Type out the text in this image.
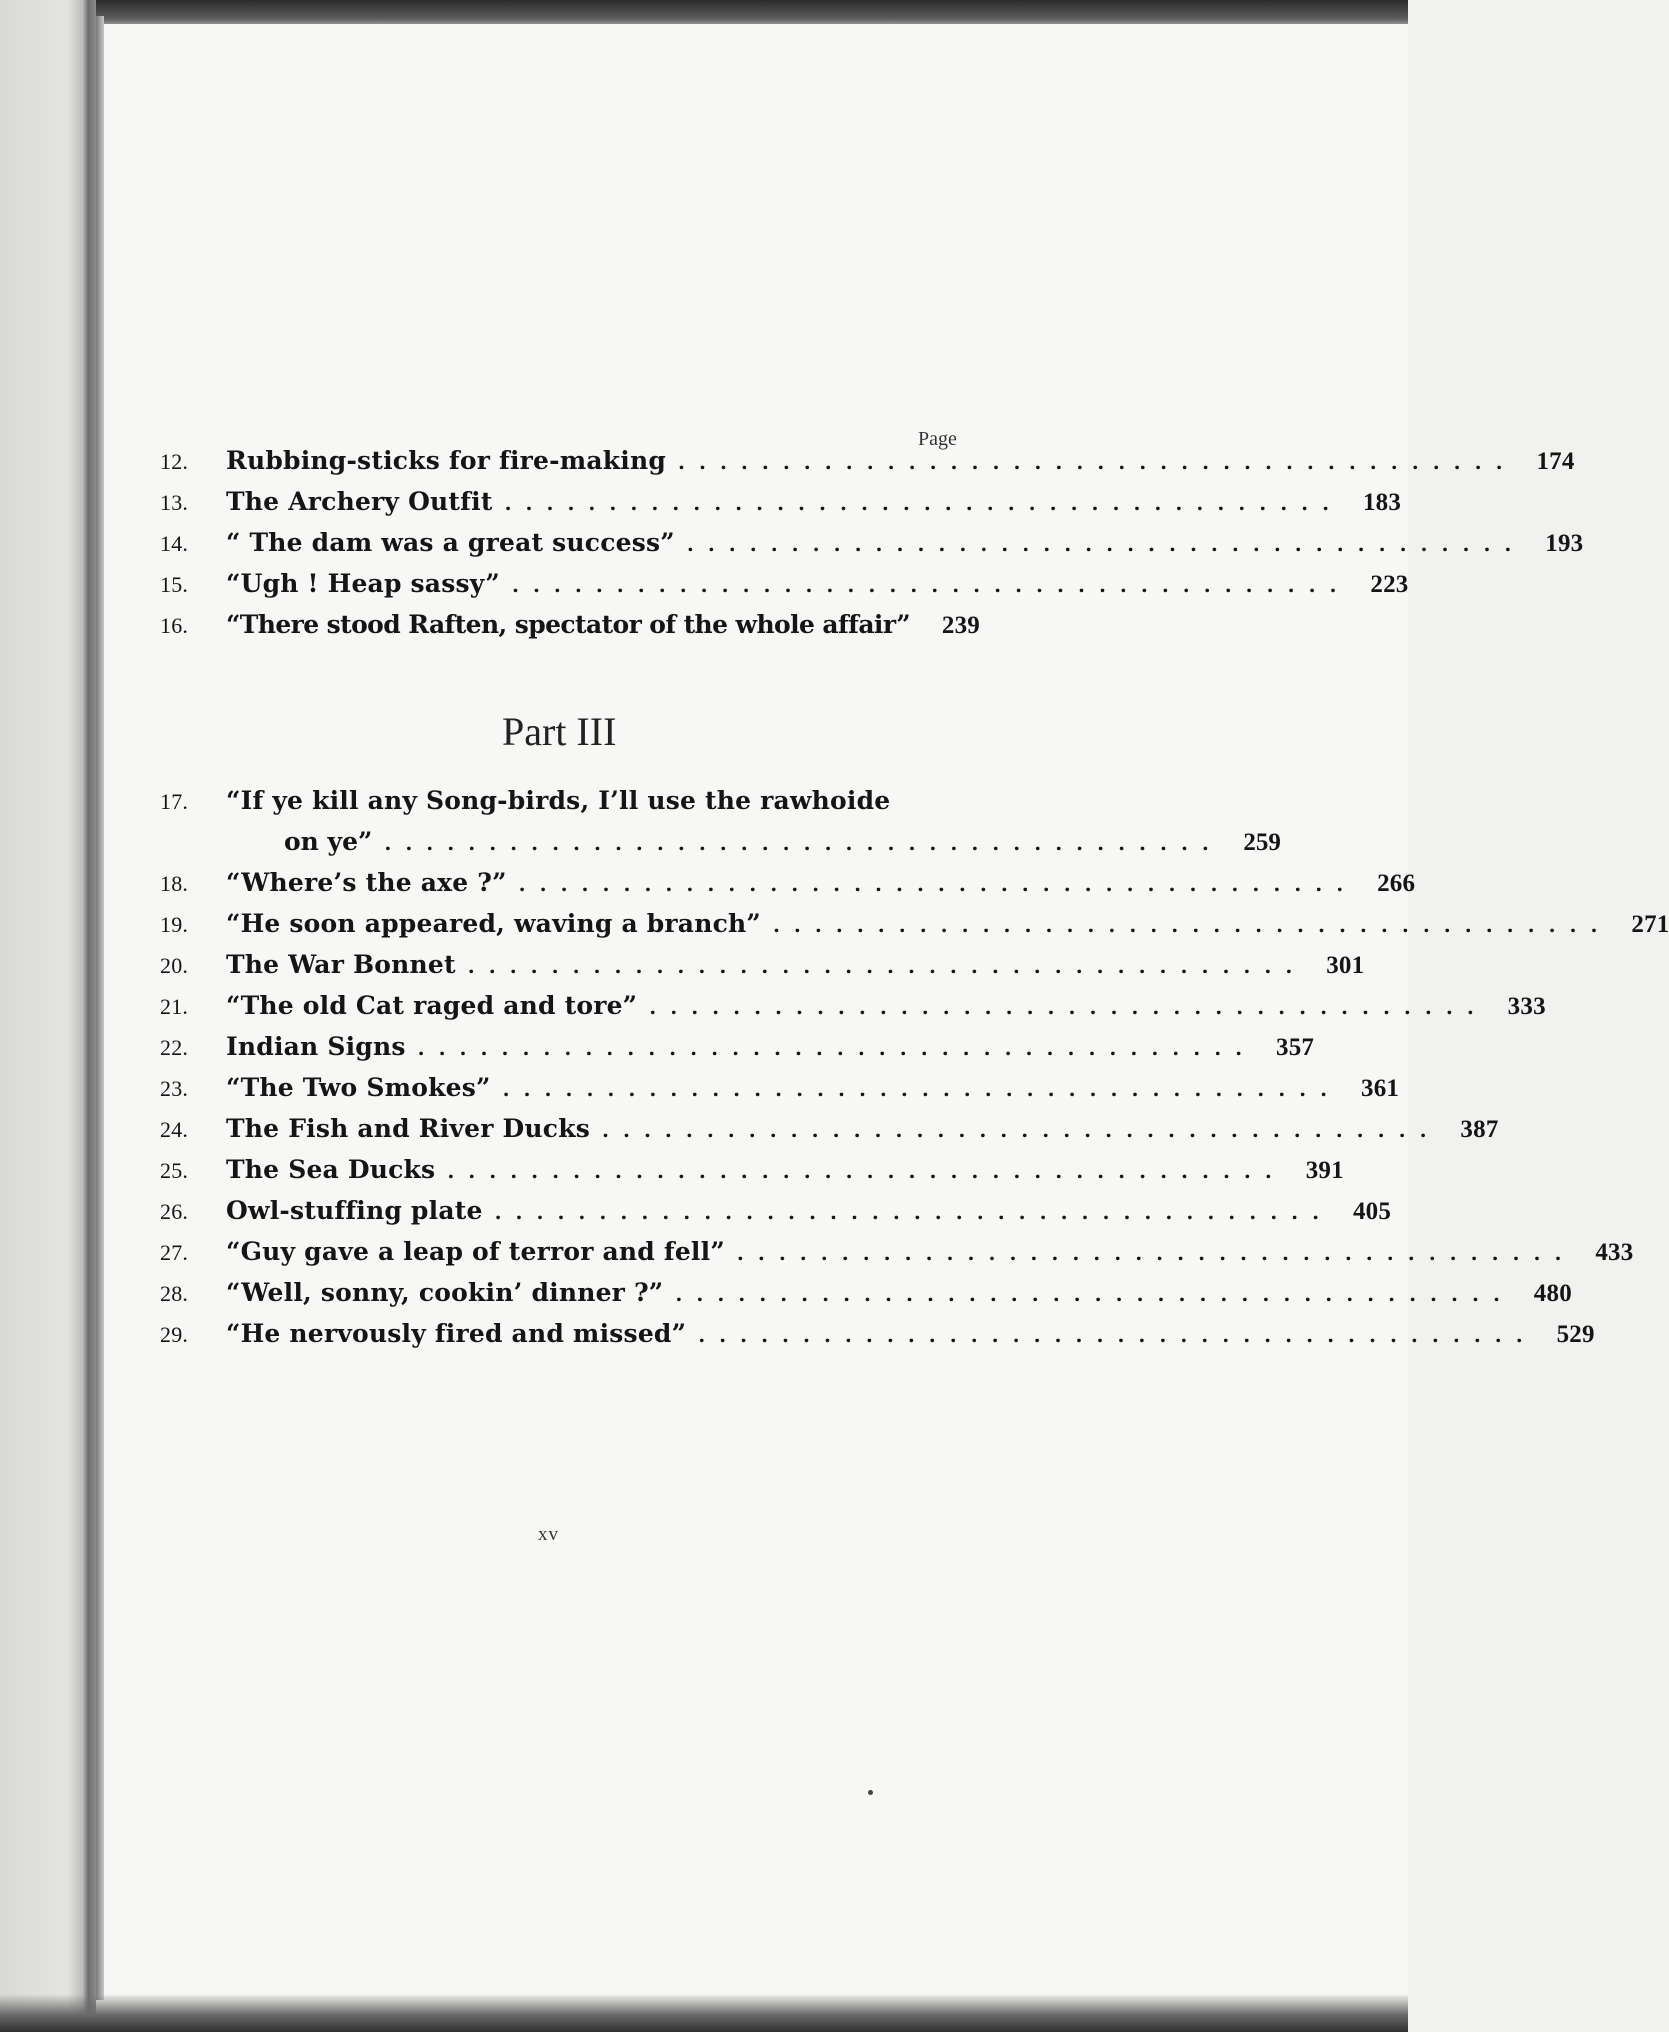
Page
12.	Rubbing-sticks for fire-making ........................................ 174
13.	The Archery Outfit ........................................ 183
14.	“ The dam was a great success” ........................................ 193
15.	“Ugh ! Heap sassy” ........................................ 223
16.	“There stood Raften, spectator of the whole affair”	239
17.	“If ye kill any Song-birds, I’ll use the rawhoide
on ye” ........................................ 259
18.	“Where’s the axe ?” ........................................ 266
19.	“He soon appeared, waving a branch” ........................................ 271
20.	The War Bonnet ........................................ 301
21.	“The old Cat raged and tore” ........................................ 333
22.	Indian Signs ........................................ 357
23.	“The Two Smokes” ........................................ 361
24.	The Fish and River Ducks ........................................ 387
25.	The Sea Ducks ........................................ 391
26.	Owl-stuffing plate ........................................ 405
27.	“Guy gave a leap of terror and fell” ........................................ 433
28.	“Well, sonny, cookin’ dinner ?” ........................................ 480
29.	“He nervously fired and missed” ........................................ 529
Part III
xv
